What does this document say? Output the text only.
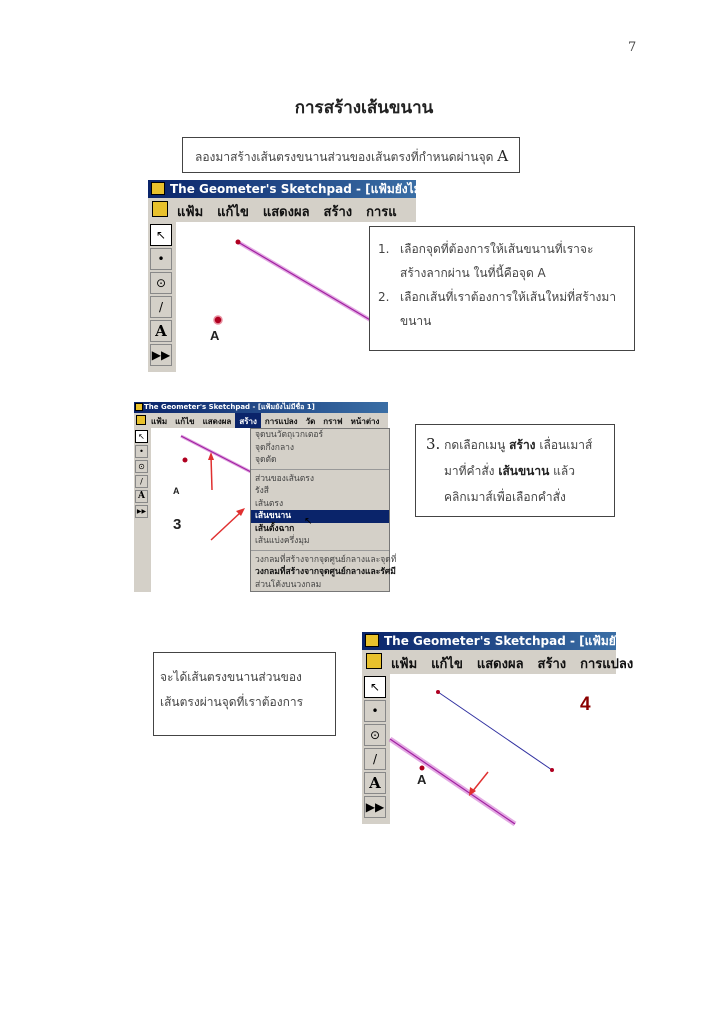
7
การสร้างเส้นขนาน
ลองมาสร้างเส้นตรงขนานส่วนของเส้นตรงที่กำหนดผ่านจุด A
The Geometer's Sketchpad - [แฟ้มยังไม่มีชื่อ 1]
แฟ้ม แก้ไข แสดงผล สร้าง การแ
↖
•
⊙
/
A
▶▶
A
1. เลือกจุดที่ต้องการให้เส้นขนานที่เราจะ
สร้างลากผ่าน ในที่นี้คือจุด A
2. เลือกเส้นที่เราต้องการให้เส้นใหม่ที่สร้างมา
ขนาน
The Geometer's Sketchpad - [แฟ้มยังไม่มีชื่อ 1]
แฟ้ม แก้ไข แสดงผล สร้าง การแปลง วัด กราฟ หน้าต่าง
↖
•
⊙
/
A
▶▶
A
3
จุดบนวัตถุเวกเตอร์
จุดกึ่งกลาง
จุดตัด
ส่วนของเส้นตรง
รังสี
เส้นตรง
เส้นขนาน
เส้นตั้งฉาก
เส้นแบ่งครึ่งมุม
วงกลมที่สร้างจากจุดศูนย์กลางและจุดที่
วงกลมที่สร้างจากจุดศูนย์กลางและรัศมี
ส่วนโค้งบนวงกลม
↖
3. กดเลือกเมนู สร้าง เลื่อนเมาส์
มาที่คำสั่ง เส้นขนาน แล้ว
คลิกเมาส์เพื่อเลือกคำสั่ง
จะได้เส้นตรงขนานส่วนของ
เส้นตรงผ่านจุดที่เราต้องการ
The Geometer's Sketchpad - [แฟ้มยังไม่มีชื่อ 1]
แฟ้ม แก้ไข แสดงผล สร้าง การแปลง
↖
•
⊙
/
A
▶▶
A
4
